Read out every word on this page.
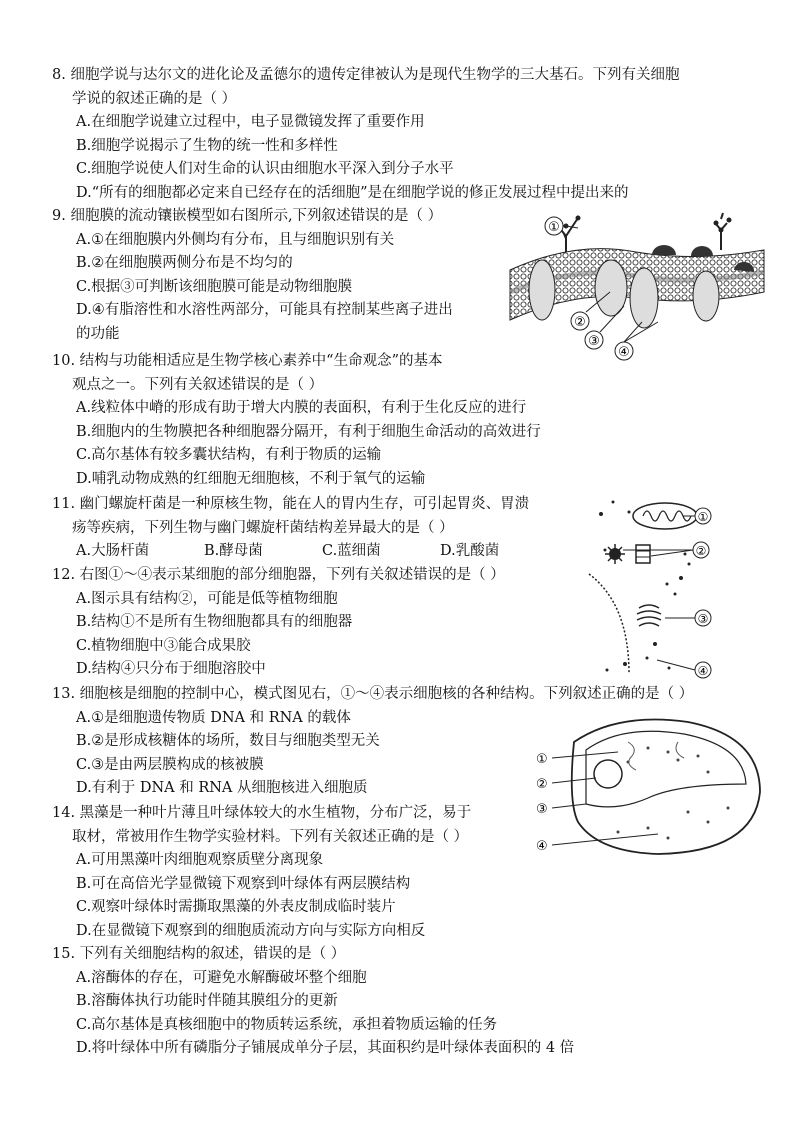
8. 细胞学说与达尔文的进化论及孟德尔的遗传定律被认为是现代生物学的三大基石。下列有关细胞

学说的叙述正确的是（ ）

A.在细胞学说建立过程中，电子显微镜发挥了重要作用

B.细胞学说揭示了生物的统一性和多样性

C.细胞学说使人们对生命的认识由细胞水平深入到分子水平

D.“所有的细胞都必定来自已经存在的活细胞”是在细胞学说的修正发展过程中提出来的

9. 细胞膜的流动镶嵌模型如右图所示,下列叙述错误的是（ ）

A.①在细胞膜内外侧均有分布，且与细胞识别有关

B.②在细胞膜两侧分布是不均匀的

C.根据③可判断该细胞膜可能是动物细胞膜

D.④有脂溶性和水溶性两部分，可能具有控制某些离子进出

的功能

①
②
③
④

10. 结构与功能相适应是生物学核心素养中“生命观念”的基本

观点之一。下列有关叙述错误的是（ ）

A.线粒体中嵴的形成有助于增大内膜的表面积，有利于生化反应的进行

B.细胞内的生物膜把各种细胞器分隔开，有利于细胞生命活动的高效进行

C.高尔基体有较多囊状结构，有利于物质的运输

D.哺乳动物成熟的红细胞无细胞核，不利于氧气的运输

11. 幽门螺旋杆菌是一种原核生物，能在人的胃内生存，可引起胃炎、胃溃

疡等疾病，下列生物与幽门螺旋杆菌结构差异最大的是（ ）

A.大肠杆菌	B.酵母菌	C.蓝细菌	D.乳酸菌

12. 右图①～④表示某细胞的部分细胞器，下列有关叙述错误的是（ ）

A.图示具有结构②，可能是低等植物细胞

B.结构①不是所有生物细胞都具有的细胞器

C.植物细胞中③能合成果胶

D.结构④只分布于细胞溶胶中

①
②
③
④

13. 细胞核是细胞的控制中心，模式图见右，①～④表示细胞核的各种结构。下列叙述正确的是（ ）

A.①是细胞遗传物质 DNA 和 RNA 的载体

B.②是形成核糖体的场所，数目与细胞类型无关

C.③是由两层膜构成的核被膜

D.有利于 DNA 和 RNA 从细胞核进入细胞质

①
②
③
④

14. 黑藻是一种叶片薄且叶绿体较大的水生植物，分布广泛，易于

取材，常被用作生物学实验材料。下列有关叙述正确的是（ ）

A.可用黑藻叶肉细胞观察质壁分离现象

B.可在高倍光学显微镜下观察到叶绿体有两层膜结构

C.观察叶绿体时需撕取黑藻的外表皮制成临时装片

D.在显微镜下观察到的细胞质流动方向与实际方向相反

15. 下列有关细胞结构的叙述，错误的是（ ）

A.溶酶体的存在，可避免水解酶破坏整个细胞

B.溶酶体执行功能时伴随其膜组分的更新

C.高尔基体是真核细胞中的物质转运系统，承担着物质运输的任务

D.将叶绿体中所有磷脂分子铺展成单分子层，其面积约是叶绿体表面积的 4 倍
